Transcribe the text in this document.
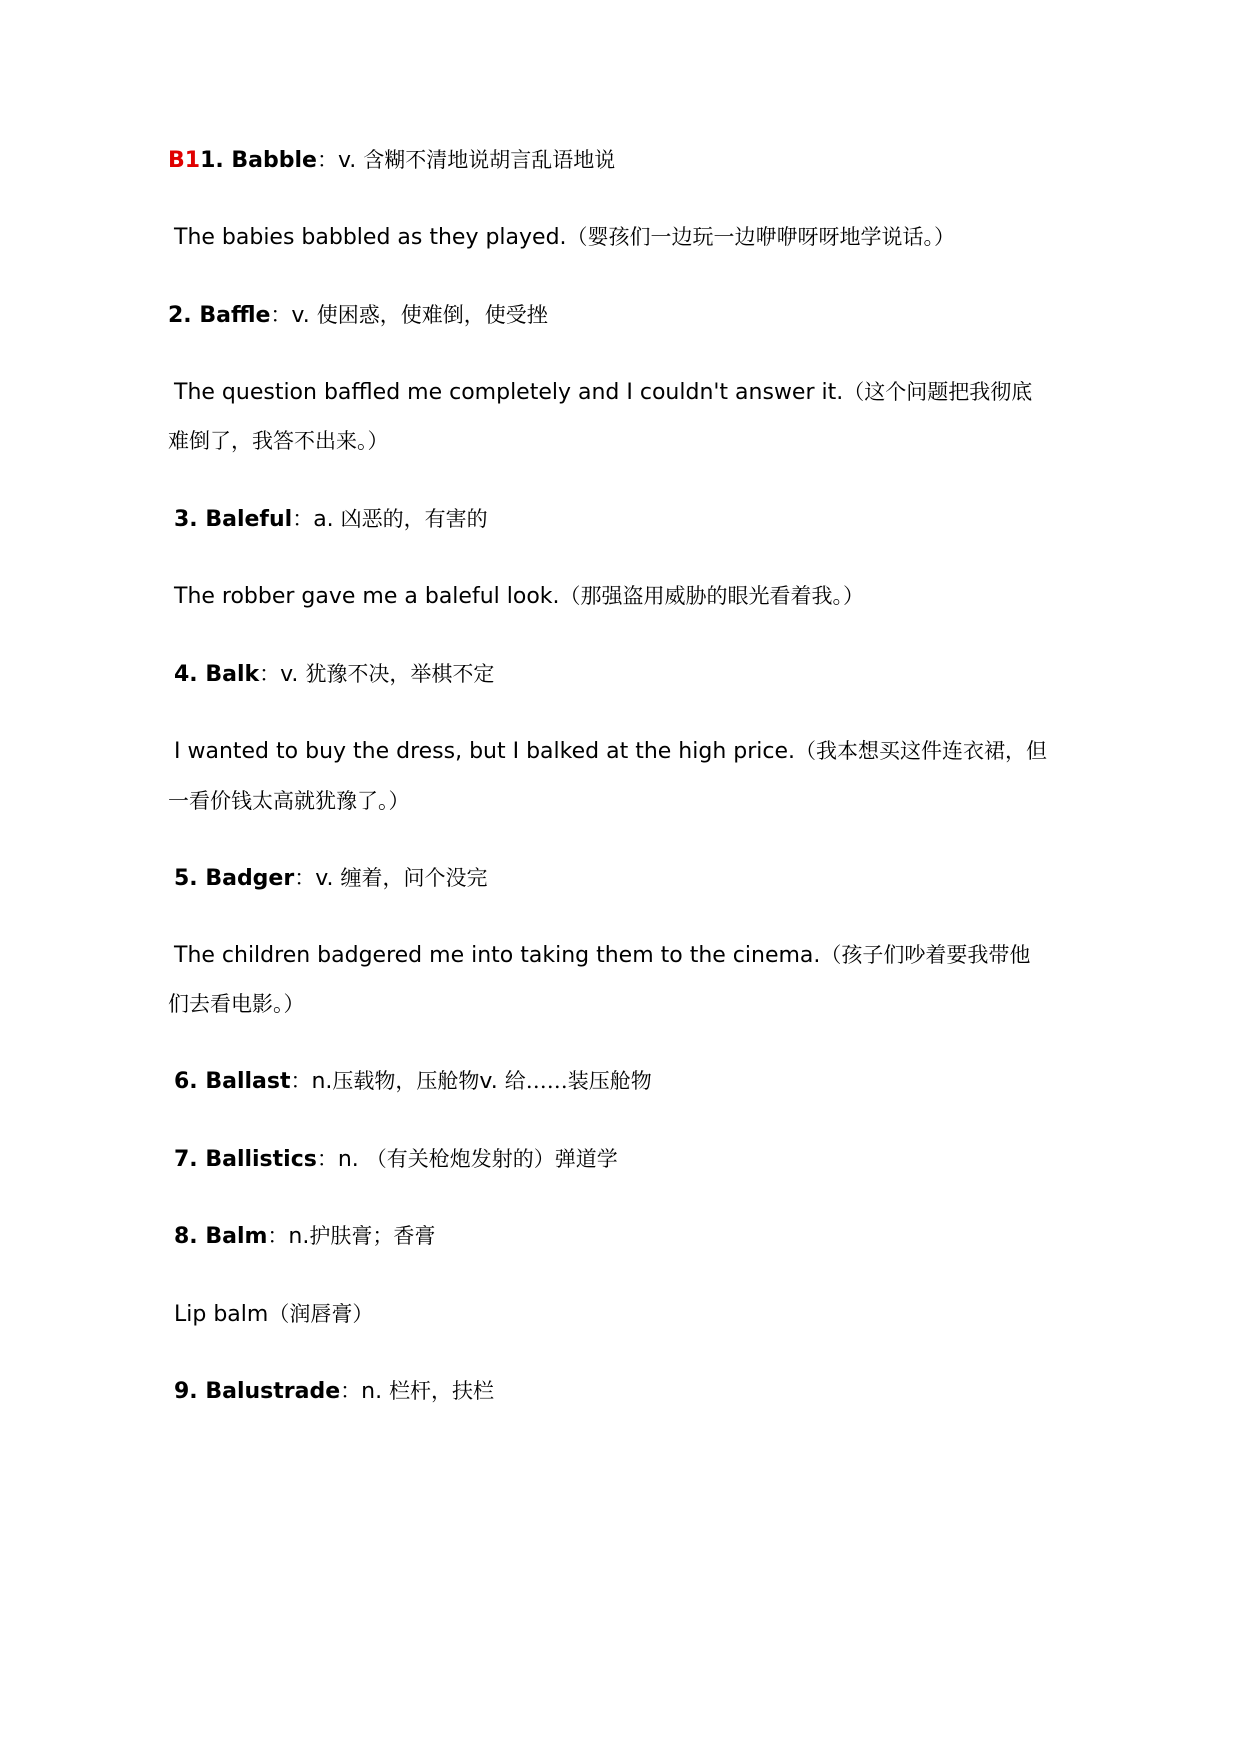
B11. Babble：v. 含糊不清地说胡言乱语地说

The babies babbled as they played.（婴孩们一边玩一边咿咿呀呀地学说话。）

2. Baffle：v. 使困惑，使难倒，使受挫

The question baffled me completely and I couldn't answer it.（这个问题把我彻底

难倒了，我答不出来。）

3. Baleful：a. 凶恶的，有害的

The robber gave me a baleful look.（那强盗用威胁的眼光看着我。）

4. Balk：v. 犹豫不决，举棋不定

I wanted to buy the dress, but I balked at the high price.（我本想买这件连衣裙，但

一看价钱太高就犹豫了。）

5. Badger：v. 缠着，问个没完

The children badgered me into taking them to the cinema.（孩子们吵着要我带他

们去看电影。）

6. Ballast：n.压载物，压舱物v. 给……装压舱物

7. Ballistics：n. （有关枪炮发射的）弹道学

8. Balm：n.护肤膏；香膏

Lip balm（润唇膏）

9. Balustrade：n. 栏杆，扶栏
